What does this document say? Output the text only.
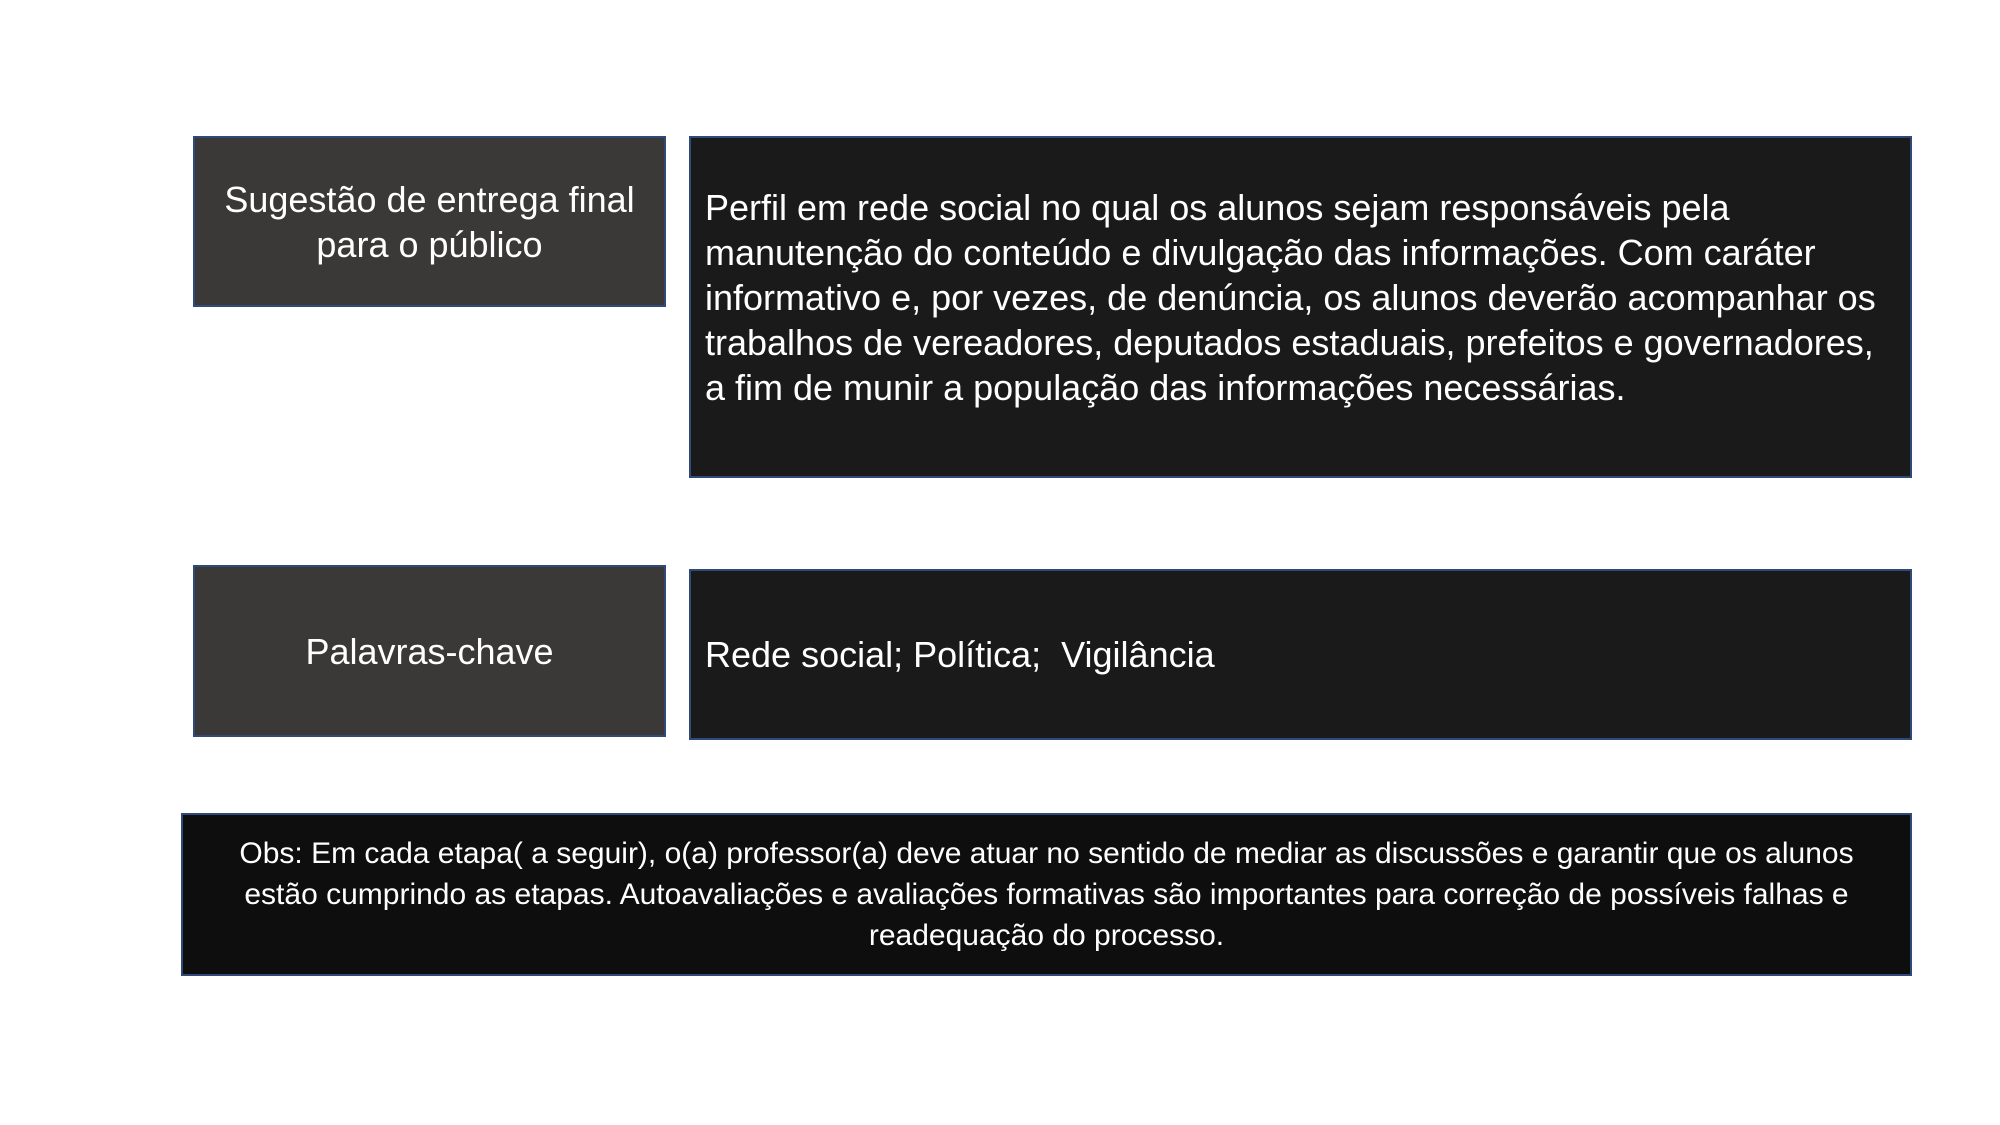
Sugestão de entrega final para o público
Perfil em rede social no qual os alunos sejam responsáveis pela manutenção do conteúdo e divulgação das informações. Com caráter informativo e, por vezes, de denúncia, os alunos deverão acompanhar os trabalhos de vereadores, deputados estaduais, prefeitos e governadores, a fim de munir a população das informações necessárias.
Palavras-chave	Rede social; Política;  Vigilância
Obs: Em cada etapa( a seguir), o(a) professor(a) deve atuar no sentido de mediar as discussões e garantir que os alunos estão cumprindo as etapas. Autoavaliações e avaliações formativas são importantes para correção de possíveis falhas e readequação do processo.
